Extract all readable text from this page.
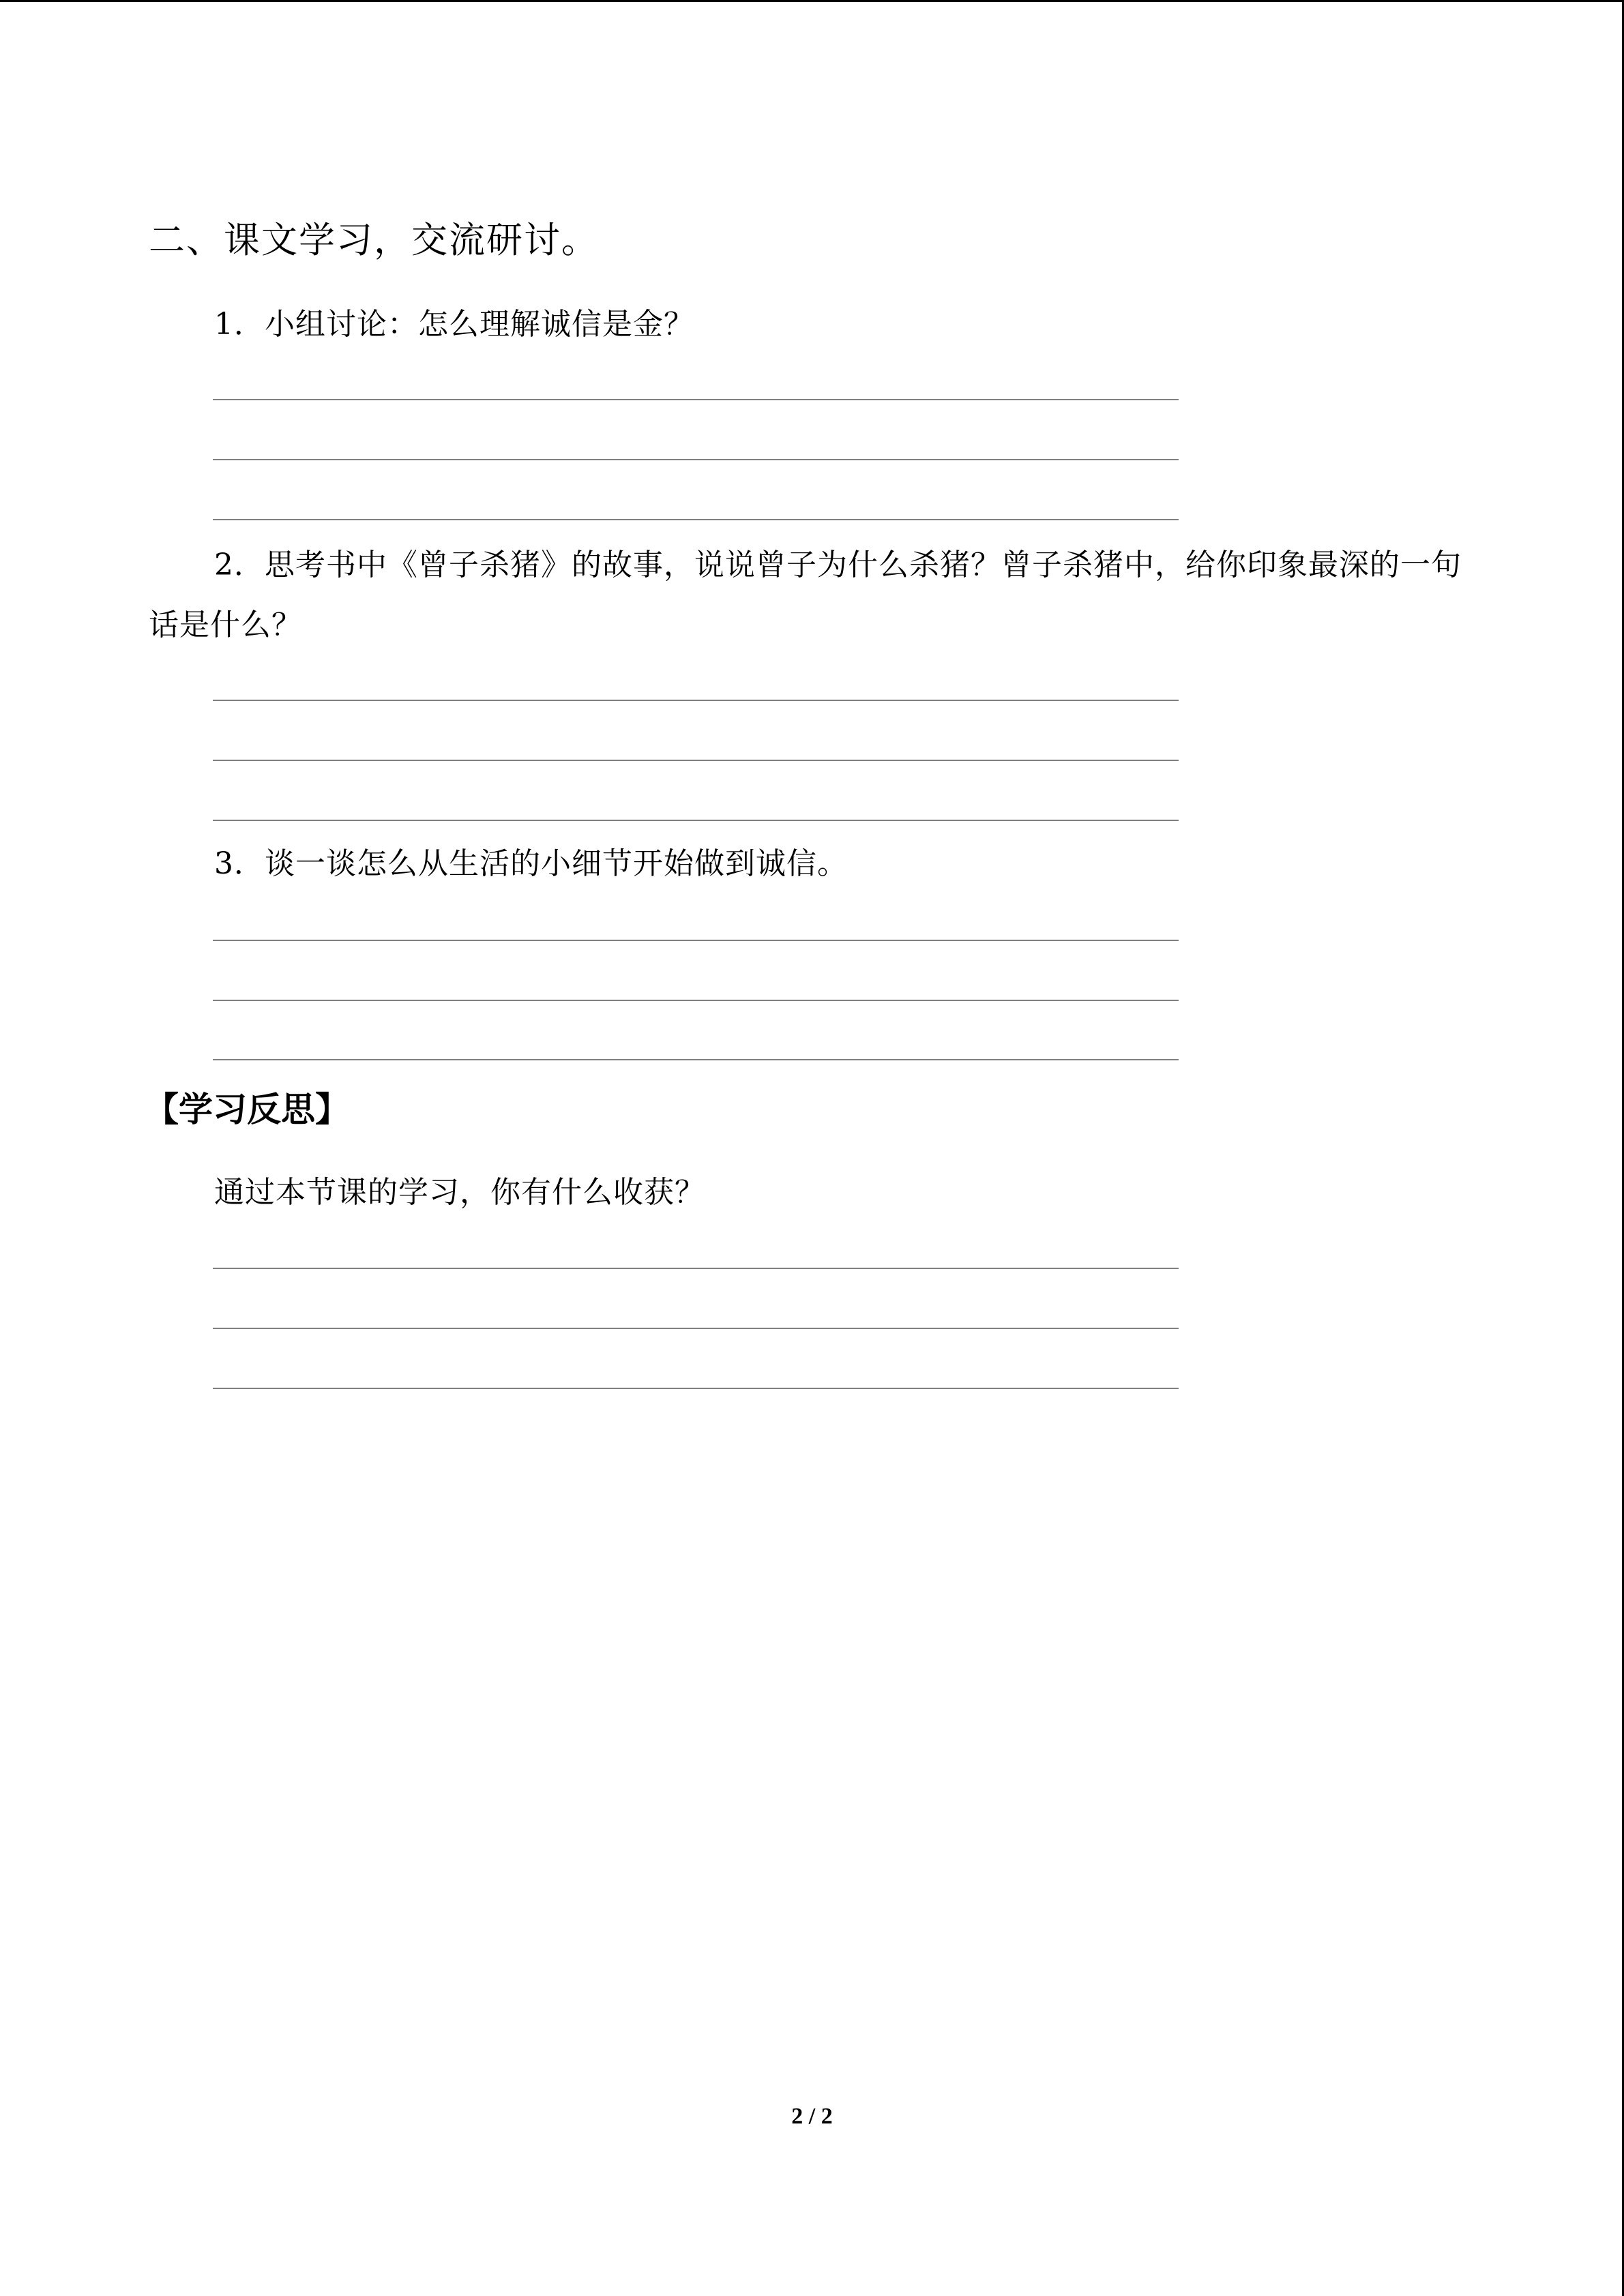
二、课文学习，交流研讨。
1．小组讨论：怎么理解诚信是金？
2．思考书中《曾子杀猪》的故事，说说曾子为什么杀猪？曾子杀猪中，给你印象最深的一句话是什么？
3．谈一谈怎么从生活的小细节开始做到诚信。
【学习反思】
通过本节课的学习，你有什么收获？
2 / 2
